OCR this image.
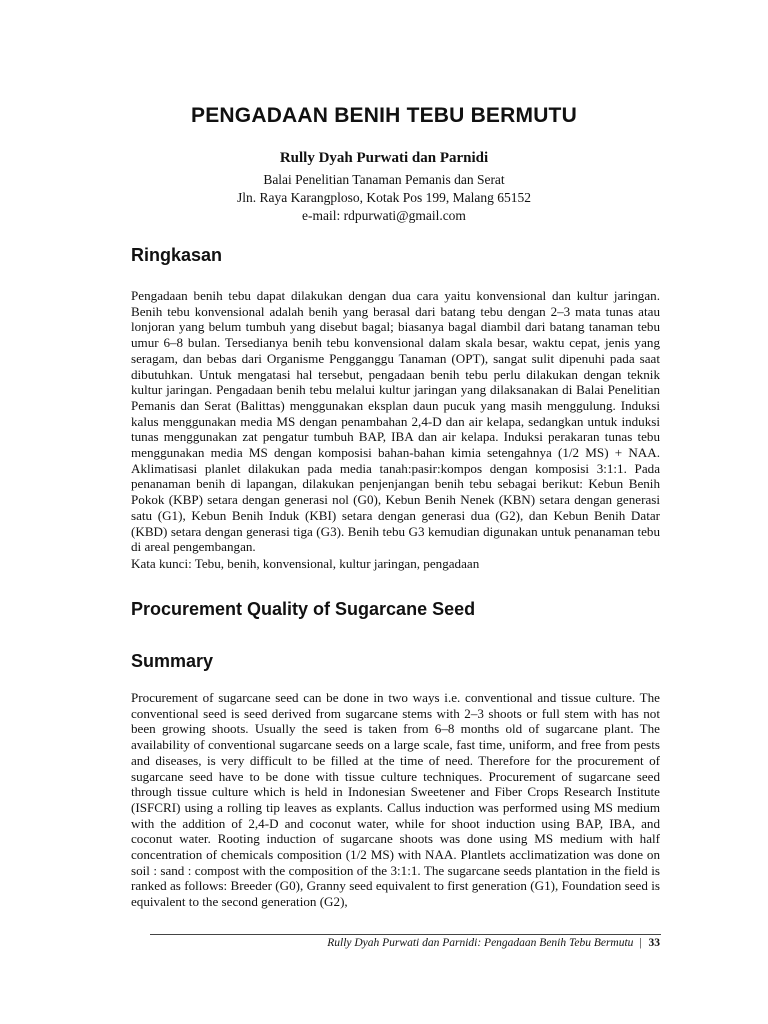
PENGADAAN BENIH TEBU BERMUTU
Rully Dyah Purwati dan Parnidi
Balai Penelitian Tanaman Pemanis dan Serat
Jln. Raya Karangploso, Kotak Pos 199, Malang 65152
e-mail: rdpurwati@gmail.com
Ringkasan

Pengadaan benih tebu dapat dilakukan dengan dua cara yaitu konvensional dan kultur jaringan. Benih tebu konvensional adalah benih yang berasal dari batang tebu dengan 2–3 mata tunas atau lonjoran yang belum tumbuh yang disebut bagal; biasanya bagal diambil dari batang tanaman tebu umur 6–8 bulan. Tersedianya benih tebu konvensional dalam skala besar, waktu cepat, jenis yang seragam, dan bebas dari Organisme Pengganggu Tanaman (OPT), sangat sulit dipenuhi pada saat dibutuhkan. Untuk mengatasi hal tersebut, pengadaan benih tebu perlu dilakukan dengan teknik kultur jaringan. Pengadaan benih tebu melalui kultur jaringan yang dilaksanakan di Balai Penelitian Pemanis dan Serat (Balittas) menggunakan eksplan daun pucuk yang masih menggulung. Induksi kalus menggunakan media MS dengan penambahan 2,4-D dan air kelapa, sedangkan untuk induksi tunas menggunakan zat pengatur tumbuh BAP, IBA dan air kelapa. Induksi perakaran tunas tebu menggunakan media MS dengan komposisi bahan-bahan kimia setengahnya (1/2 MS) + NAA. Aklimatisasi planlet dilakukan pada media tanah:pasir:kompos dengan komposisi 3:1:1. Pada penanaman benih di lapangan, dilakukan penjenjangan benih tebu sebagai berikut: Kebun Benih Pokok (KBP) setara dengan generasi nol (G0), Kebun Benih Nenek (KBN) setara dengan generasi satu (G1), Kebun Benih Induk (KBI) setara dengan generasi dua (G2), dan Kebun Benih Datar (KBD) setara dengan generasi tiga (G3). Benih tebu G3 kemudian digunakan untuk penanaman tebu di areal pengembangan.

Kata kunci: Tebu, benih, konvensional, kultur jaringan, pengadaan

Procurement Quality of Sugarcane Seed
Summary

Procurement of sugarcane seed can be done in two ways i.e. conventional and tissue culture. The conventional seed is seed derived from sugarcane stems with 2–3 shoots or full stem with has not been growing shoots. Usually the seed is taken from 6–8 months old of sugarcane plant. The availability of conventional sugarcane seeds on a large scale, fast time, uniform, and free from pests and diseases, is very difficult to be filled at the time of need. Therefore for the procurement of sugarcane seed have to be done with tissue culture techniques. Procurement of sugarcane seed through tissue culture which is held in Indonesian Sweetener and Fiber Crops Research Institute (ISFCRI) using a rolling tip leaves as explants. Callus induction was performed using MS medium with the addition of 2,4-D and coconut water, while for shoot induction using BAP, IBA, and coconut water. Rooting induction of sugarcane shoots was done using MS medium with half concentration of chemicals composition (1/2 MS) with NAA. Plantlets acclimatization was done on soil : sand : compost with the composition of the 3:1:1. The sugarcane seeds plantation in the field is ranked as follows: Breeder (G0), Granny seed equivalent to first generation (G1), Foundation seed is equivalent to the second generation (G2),

Rully Dyah Purwati dan Parnidi: Pengadaan Benih Tebu Bermutu | 33
